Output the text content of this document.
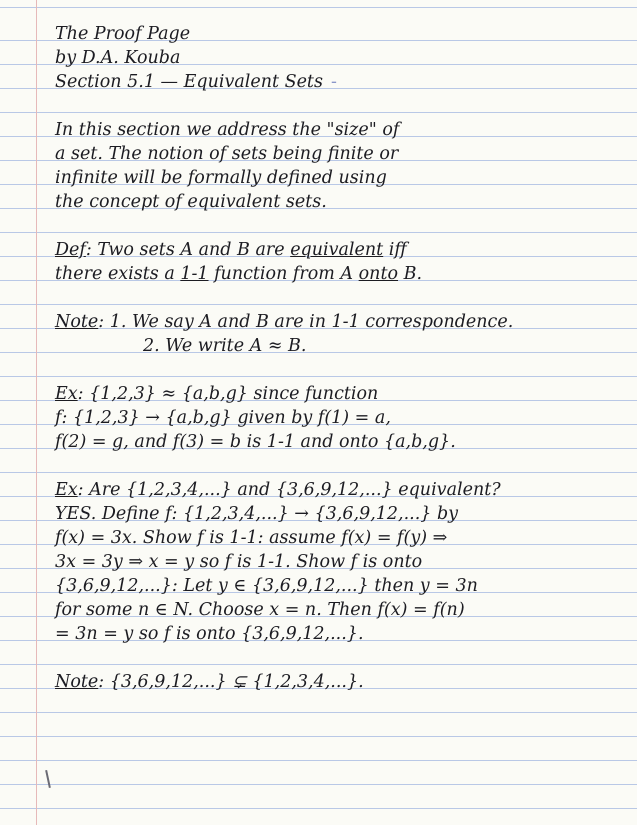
The Proof Page
by D.A. Kouba
Section 5.1 — Equivalent Sets -
In this section we address the "size" of
a set. The notion of sets being finite or
infinite will be formally defined using
the concept of equivalent sets.
Def: Two sets A and B are equivalent iff
there exists a 1-1 function from A onto B.
Note: 1. We say A and B are in 1-1 correspondence.
2. We write A ≈ B.
Ex: {1,2,3} ≈ {a,b,g} since function
f: {1,2,3} → {a,b,g} given by f(1) = a,
f(2) = g, and f(3) = b is 1-1 and onto {a,b,g}.
Ex: Are {1,2,3,4,...} and {3,6,9,12,...} equivalent?
YES. Define f: {1,2,3,4,...} → {3,6,9,12,...} by
f(x) = 3x. Show f is 1-1: assume f(x) = f(y) ⇒
3x = 3y ⇒ x = y so f is 1-1. Show f is onto
{3,6,9,12,...}: Let y ∈ {3,6,9,12,...} then y = 3n
for some n ∈ N. Choose x = n. Then f(x) = f(n)
= 3n = y so f is onto {3,6,9,12,...}.
Note: {3,6,9,12,...} ⊊ {1,2,3,4,...}.
